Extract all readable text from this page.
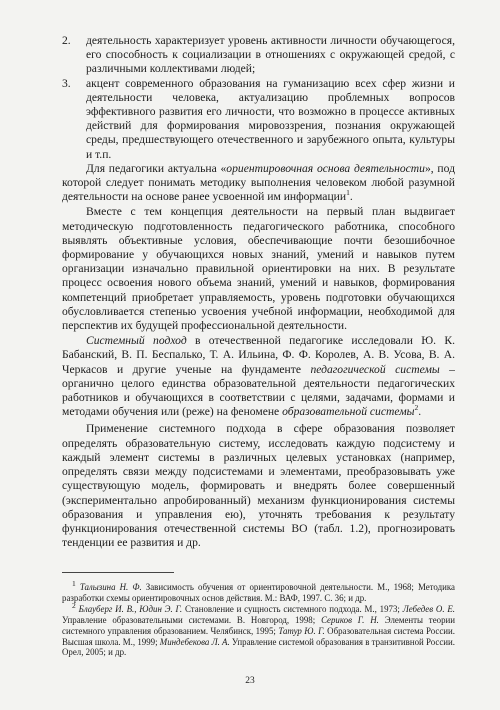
2.	деятельность характеризует уровень активности личности обучающегося, его способность к социализации в отношениях с окружающей средой, с различными коллективами людей;
3.	акцент современного образования на гуманизацию всех сфер жизни и деятельности человека, актуализацию проблемных вопросов эффективного развития его личности, что возможно в процессе активных действий для формирования мировоззрения, познания окружающей среды, предшествующего отечественного и зарубежного опыта, культуры и т.п.

Для педагогики актуальна «ориентировочная основа деятельности», под которой следует понимать методику выполнения человеком любой разумной деятельности на основе ранее усвоенной им информации$^1$.

Вместе с тем концепция деятельности на первый план выдвигает методическую подготовленность педагогического работника, способного выявлять объективные условия, обеспечивающие почти безошибочное формирование у обучающихся новых знаний, умений и навыков путем организации изначально правильной ориентировки на них. В результате процесс освоения нового объема знаний, умений и навыков, формирования компетенций приобретает управляемость, уровень подготовки обучающихся обусловливается степенью усвоения учебной информации, необходимой для перспектив их будущей профессиональной деятельности.

Системный подход в отечественной педагогике исследовали Ю. К. Бабанский, В. П. Беспалько, Т. А. Ильина, Ф. Ф. Королев, А. В. Усова, В. А. Черкасов и другие ученые на фундаменте педагогической системы – органично целого единства образовательной деятельности педагогических работников и обучающихся в соответствии с целями, задачами, формами и методами обучения или (реже) на феномене образовательной системы$^2$.

Применение системного подхода в сфере образования позволяет определять образовательную систему, исследовать каждую подсистему и каждый элемент системы в различных целевых установках (например, определять связи между подсистемами и элементами, преобразовывать уже существующую модель, формировать и внедрять более совершенный (экспериментально апробированный) механизм функционирования системы образования и управления ею), уточнять требования к результату функционирования отечественной системы ВО (табл. 1.2), прогнозировать тенденции ее развития и др.

$^1$ Талызина Н. Ф. Зависимость обучения от ориентировочной деятельности. М., 1968; Методика разработки схемы ориентировочных основ действия. М.: ВАФ, 1997. С. 36; и др.

$^2$ Блауберг И. В., Юдин Э. Г. Становление и сущность системного подхода. М., 1973; Лебедев О. Е. Управление образовательными системами. В. Новгород, 1998; Сериков Г. Н. Элементы теории системного управления образованием. Челябинск, 1995; Татур Ю. Г. Образовательная система России. Высшая школа. М., 1999; Миндебекова Л. А. Управление системой образования в транзитивной России. Орел, 2005; и др.

23
